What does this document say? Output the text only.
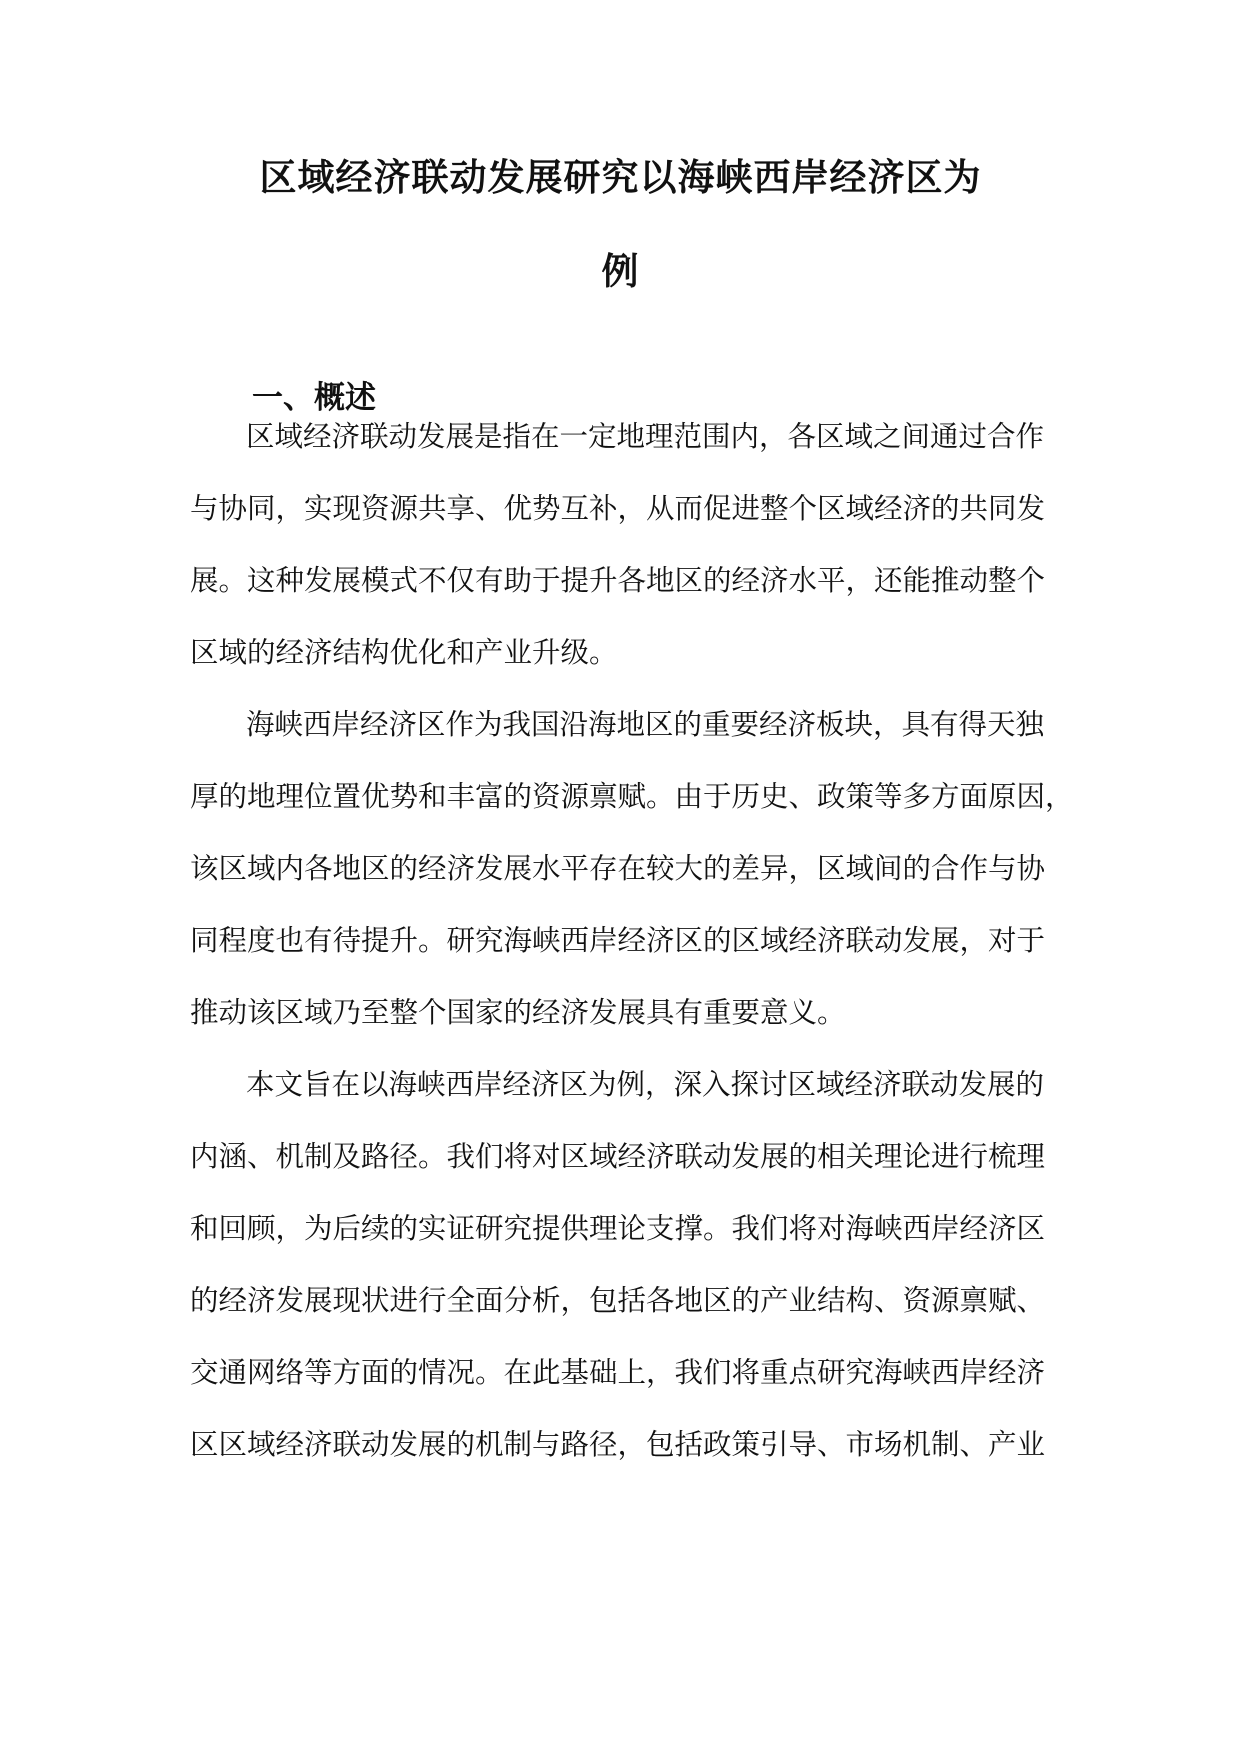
区域经济联动发展研究以海峡西岸经济区为
例
一、概述
区域经济联动发展是指在一定地理范围内，各区域之间通过合作
与协同，实现资源共享、优势互补，从而促进整个区域经济的共同发
展。这种发展模式不仅有助于提升各地区的经济水平，还能推动整个
区域的经济结构优化和产业升级。
海峡西岸经济区作为我国沿海地区的重要经济板块，具有得天独
厚的地理位置优势和丰富的资源禀赋。由于历史、政策等多方面原因，
该区域内各地区的经济发展水平存在较大的差异，区域间的合作与协
同程度也有待提升。研究海峡西岸经济区的区域经济联动发展，对于
推动该区域乃至整个国家的经济发展具有重要意义。
本文旨在以海峡西岸经济区为例，深入探讨区域经济联动发展的
内涵、机制及路径。我们将对区域经济联动发展的相关理论进行梳理
和回顾，为后续的实证研究提供理论支撑。我们将对海峡西岸经济区
的经济发展现状进行全面分析，包括各地区的产业结构、资源禀赋、
交通网络等方面的情况。在此基础上，我们将重点研究海峡西岸经济
区区域经济联动发展的机制与路径，包括政策引导、市场机制、产业
